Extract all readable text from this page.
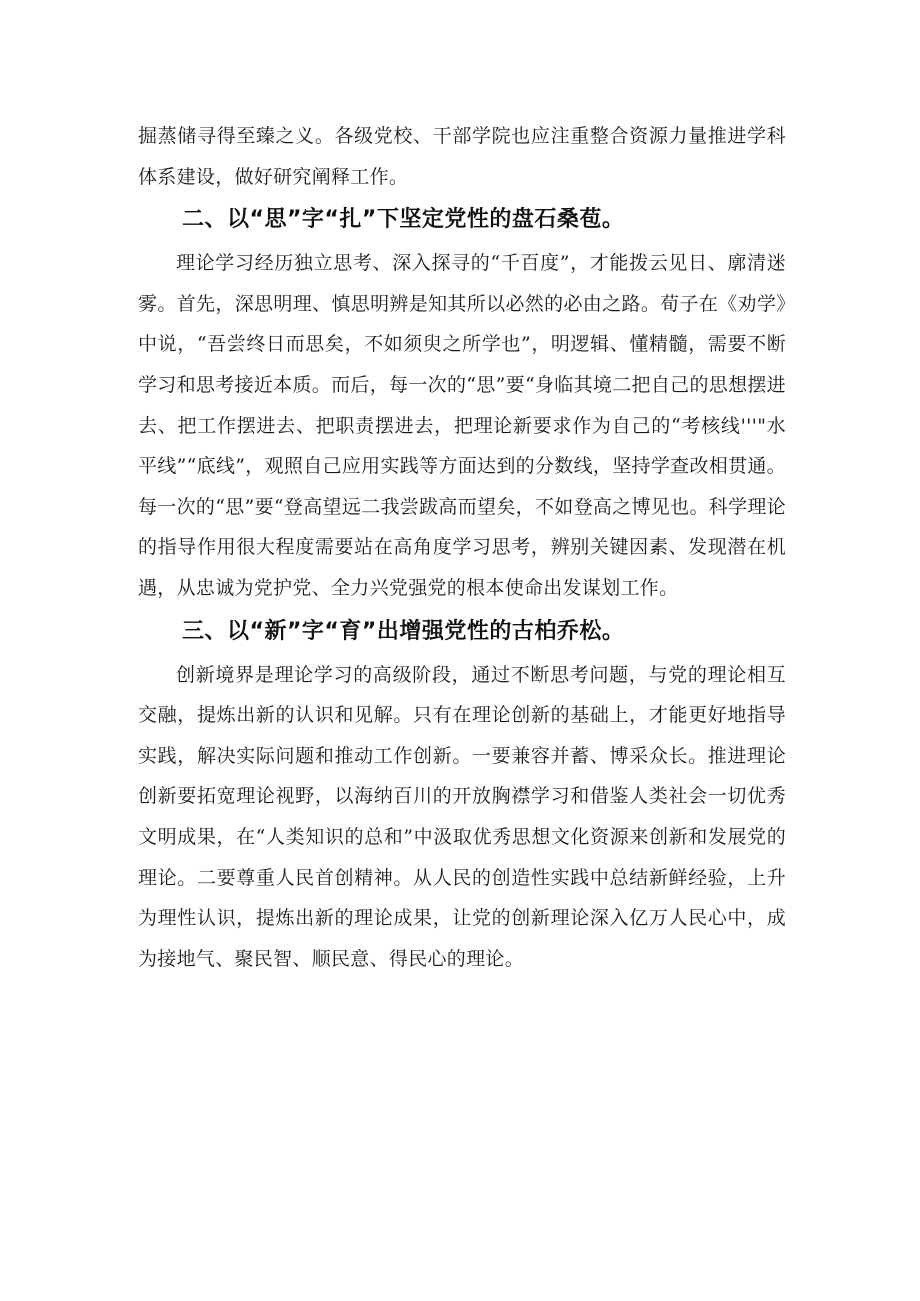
掘蒸储寻得至臻之义。各级党校、干部学院也应注重整合资源力量推进学科体系建设，做好研究阐释工作。

二、以“思”字“扎”下坚定党性的盘石桑苞。

理论学习经历独立思考、深入探寻的“千百度”，才能拨云见日、廓清迷雾。首先，深思明理、慎思明辨是知其所以必然的必由之路。荀子在《劝学》中说，“吾尝终日而思矣，不如须臾之所学也”，明逻辑、懂精髓，需要不断学习和思考接近本质。而后，每一次的“思”要“身临其境二把自己的思想摆进去、把工作摆进去、把职责摆进去，把理论新要求作为自己的“考核线'''"水平线”“底线”，观照自己应用实践等方面达到的分数线，坚持学查改相贯通。每一次的“思”要“登高望远二我尝跋高而望矣，不如登高之博见也。科学理论的指导作用很大程度需要站在高角度学习思考，辨别关键因素、发现潜在机遇，从忠诚为党护党、全力兴党强党的根本使命出发谋划工作。

三、以“新”字“育”出增强党性的古柏乔松。

创新境界是理论学习的高级阶段，通过不断思考问题，与党的理论相互交融，提炼出新的认识和见解。只有在理论创新的基础上，才能更好地指导实践，解决实际问题和推动工作创新。一要兼容并蓄、博采众长。推进理论创新要拓宽理论视野，以海纳百川的开放胸襟学习和借鉴人类社会一切优秀文明成果，在“人类知识的总和”中汲取优秀思想文化资源来创新和发展党的理论。二要尊重人民首创精神。从人民的创造性实践中总结新鲜经验，上升为理性认识，提炼出新的理论成果，让党的创新理论深入亿万人民心中，成为接地气、聚民智、顺民意、得民心的理论。
